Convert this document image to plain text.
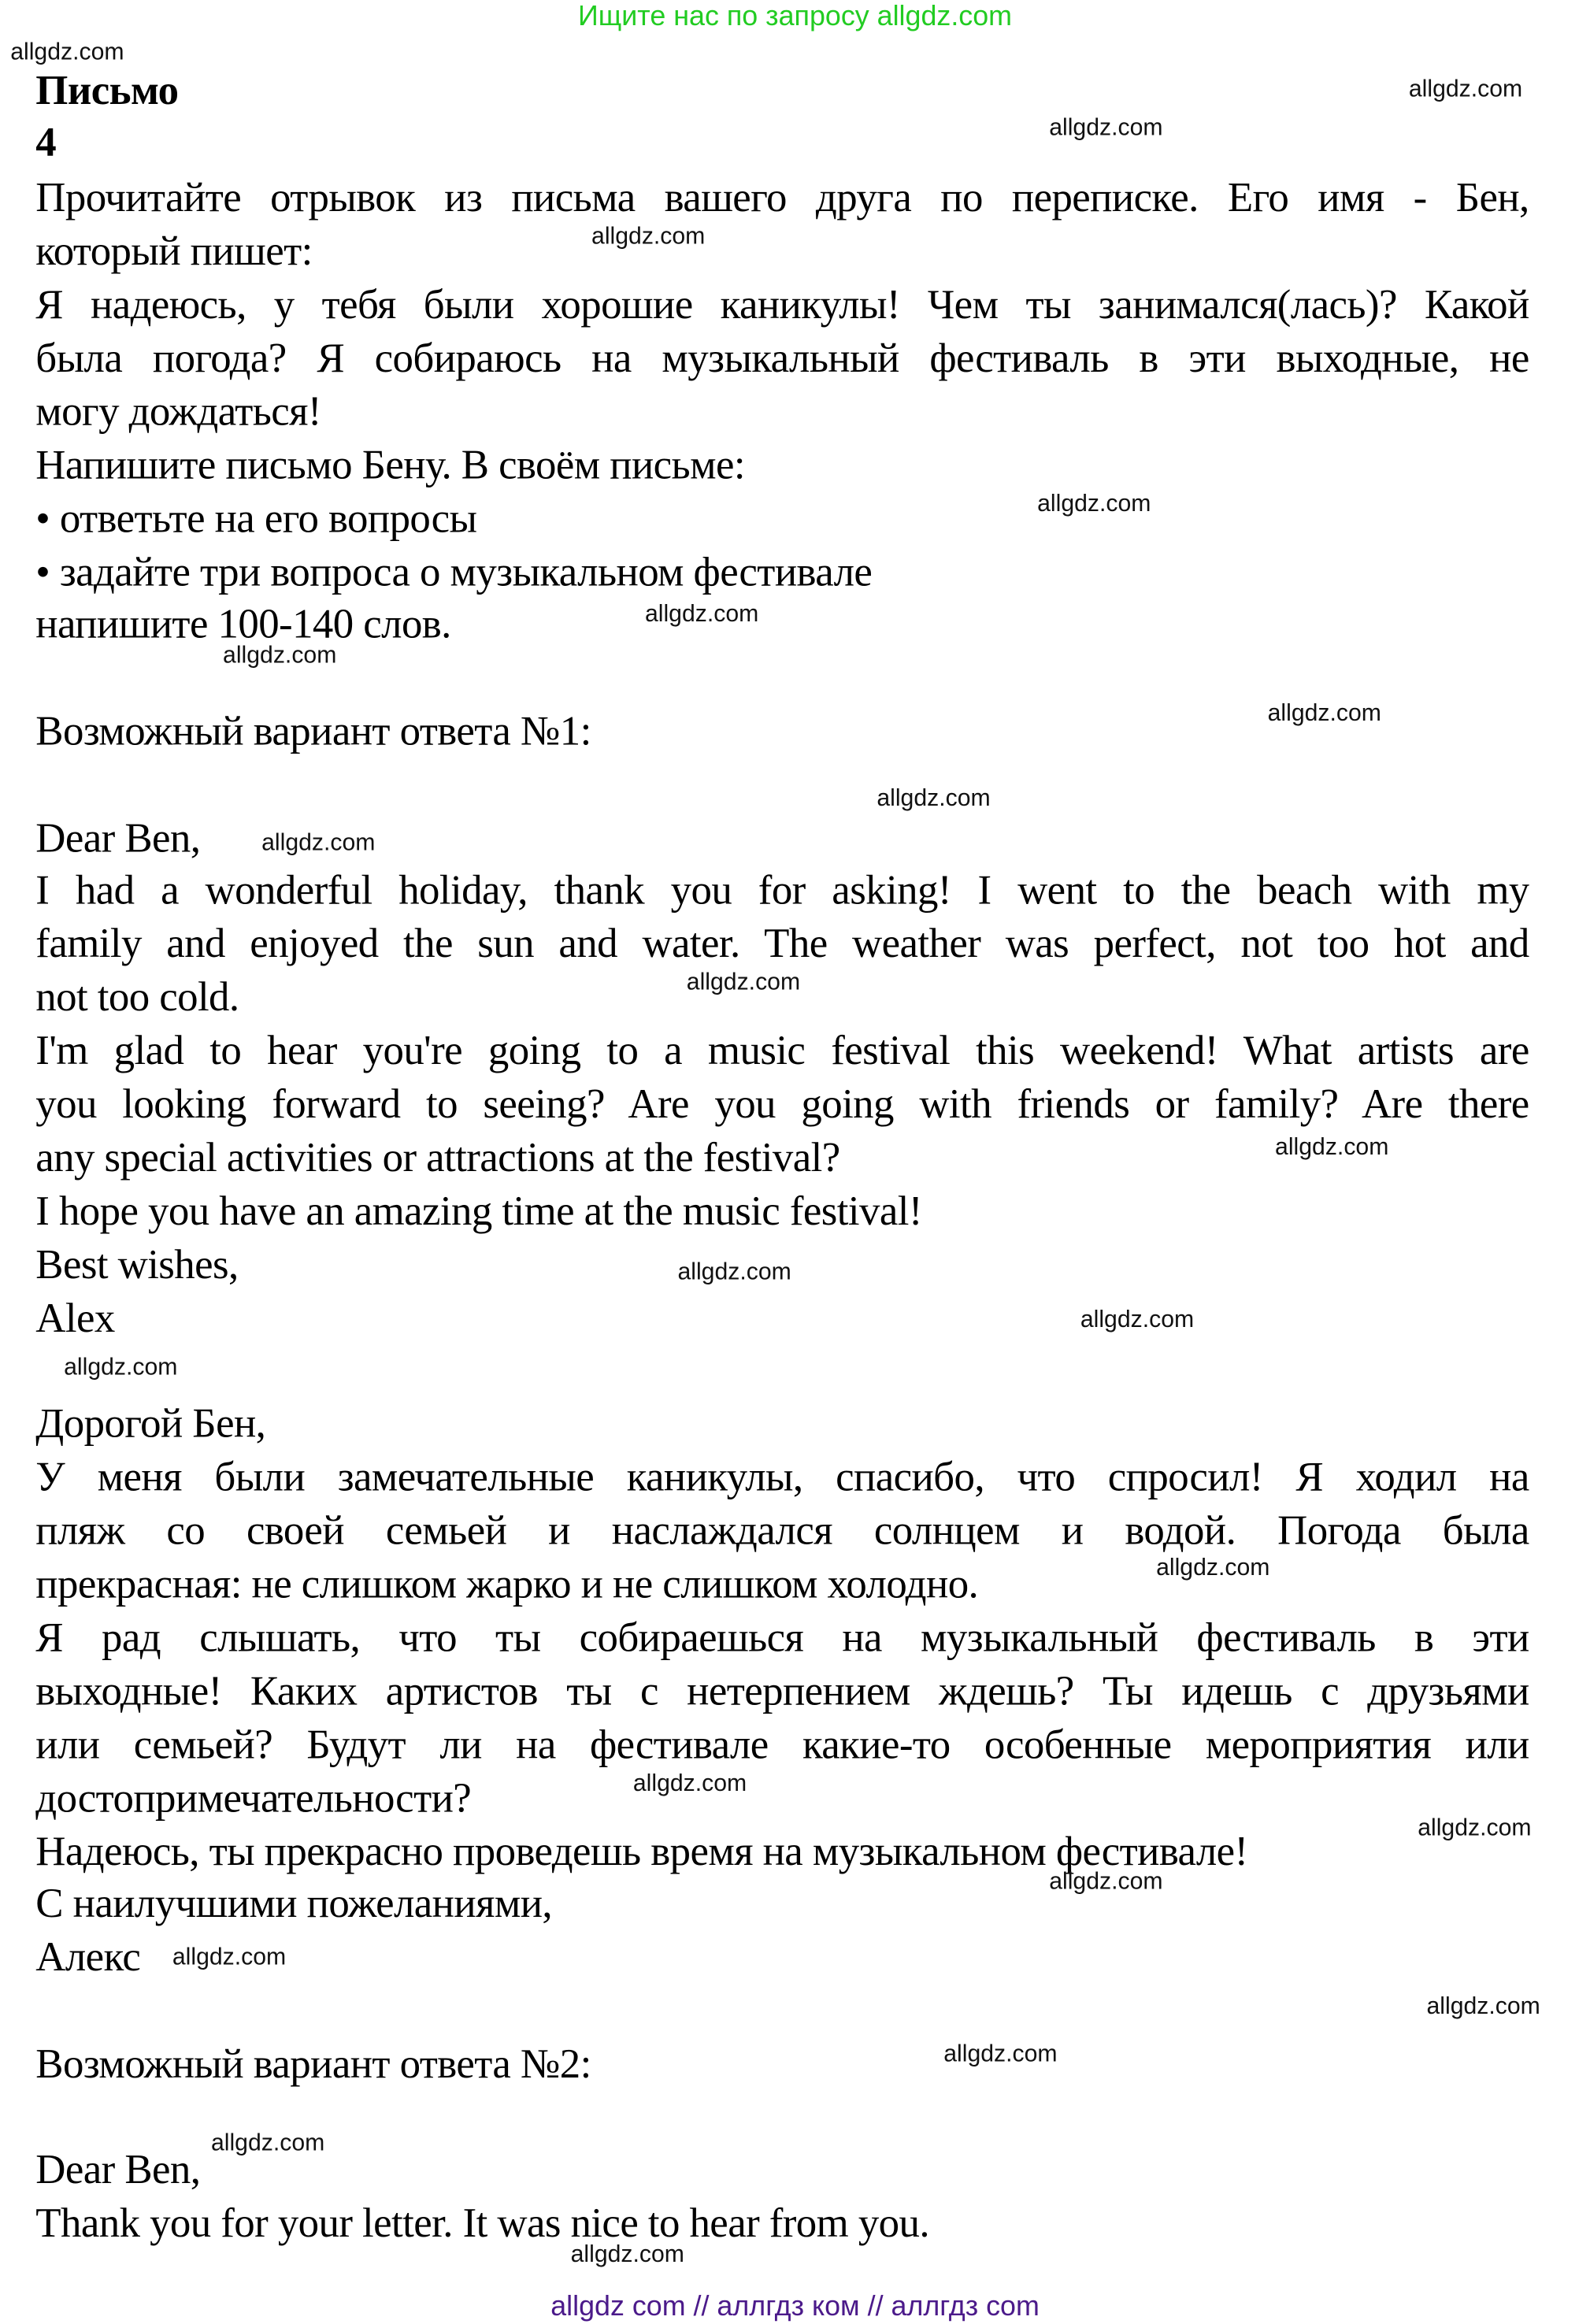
Ищите нас по запросу allgdz.com
allgdz com // аллгдз ком // аллгдз com
Письмо
4
Прочитайте отрывок из письма вашего друга по переписке. Его имя - Бен,
который пишет:
Я надеюсь, у тебя были хорошие каникулы! Чем ты занимался(лась)? Какой
была погода? Я собираюсь на музыкальный фестиваль в эти выходные, не
могу дождаться!
Напишите письмо Бену. В своём письме:
• ответьте на его вопросы
• задайте три вопроса о музыкальном фестивале
напишите 100-140 слов.
Возможный вариант ответа №1:
Dear Ben,
I had a wonderful holiday, thank you for asking! I went to the beach with my
family and enjoyed the sun and water. The weather was perfect, not too hot and
not too cold.
I'm glad to hear you're going to a music festival this weekend! What artists are
you looking forward to seeing? Are you going with friends or family? Are there
any special activities or attractions at the festival?
I hope you have an amazing time at the music festival!
Best wishes,
Alex
Дорогой Бен,
У меня были замечательные каникулы, спасибо, что спросил! Я ходил на
пляж со своей семьей и наслаждался солнцем и водой. Погода была
прекрасная: не слишком жарко и не слишком холодно.
Я рад слышать, что ты собираешься на музыкальный фестиваль в эти
выходные! Каких артистов ты с нетерпением ждешь? Ты идешь с друзьями
или семьей? Будут ли на фестивале какие-то особенные мероприятия или
достопримечательности?
Надеюсь, ты прекрасно проведешь время на музыкальном фестивале!
С наилучшими пожеланиями,
Алекс
Возможный вариант ответа №2:
Dear Ben,
Thank you for your letter. It was nice to hear from you.
allgdz.com
allgdz.com
allgdz.com
allgdz.com
allgdz.com
allgdz.com
allgdz.com
allgdz.com
allgdz.com
allgdz.com
allgdz.com
allgdz.com
allgdz.com
allgdz.com
allgdz.com
allgdz.com
allgdz.com
allgdz.com
allgdz.com
allgdz.com
allgdz.com
allgdz.com
allgdz.com
allgdz.com
